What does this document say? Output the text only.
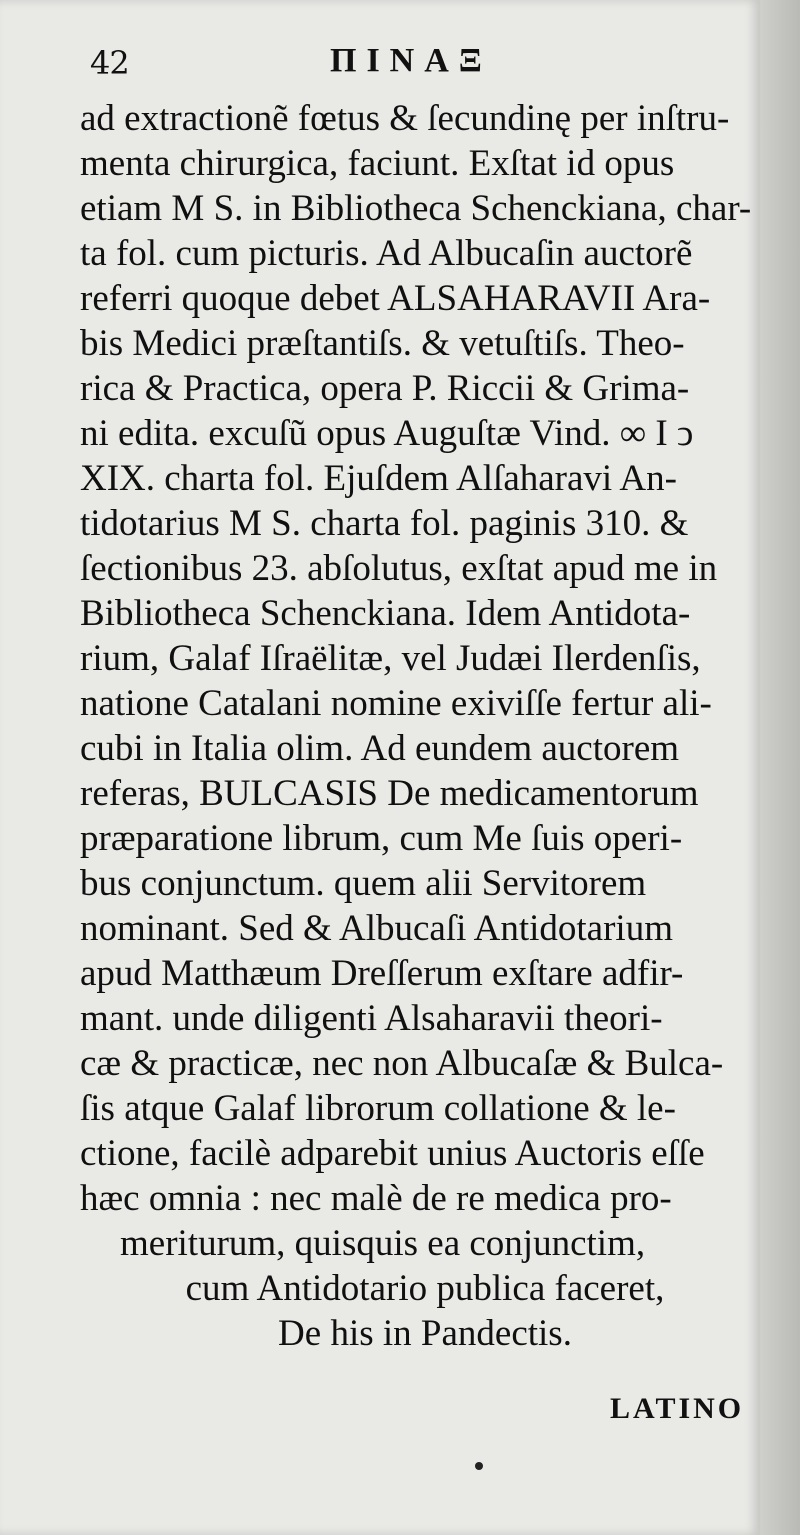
42	ΠΙΝΑΞ
ad extractionẽ fœtus & ſecundinę per inſtru-
menta chirurgica, faciunt. Exſtat id opus
etiam M S. in Bibliotheca Schenckiana, char-
ta fol. cum picturis. Ad Albucaſin auctorẽ
referri quoque debet ALSAHARAVII Ara-
bis Medici præſtantiſs. & vetuſtiſs. Theo-
rica & Practica, opera P. Riccii & Grima-
ni edita. excuſũ opus Auguſtæ Vind. ∞ I ͻ
XIX. charta fol. Ejuſdem Alſaharavi An-
tidotarius M S. charta fol. paginis 310. &
ſectionibus 23. abſolutus, exſtat apud me in
Bibliotheca Schenckiana. Idem Antidota-
rium, Galaf Iſraëlitæ, vel Judæi Ilerdenſis,
natione Catalani nomine exiviſſe fertur ali-
cubi in Italia olim. Ad eundem auctorem
referas, BULCASIS De medicamentorum
præparatione librum, cum Me ſuis operi-
bus conjunctum. quem alii Servitorem
nominant. Sed & Albucaſi Antidotarium
apud Matthæum Dreſſerum exſtare adfir-
mant. unde diligenti Alsaharavii theori-
cæ & practicæ, nec non Albucaſæ & Bulca-
ſis atque Galaf librorum collatione & le-
ctione, facilè adparebit unius Auctoris eſſe
hæc omnia : nec malè de re medica pro-
meriturum, quisquis ea conjunctim,
cum Antidotario publica faceret,
De his in Pandectis.
LATINO
